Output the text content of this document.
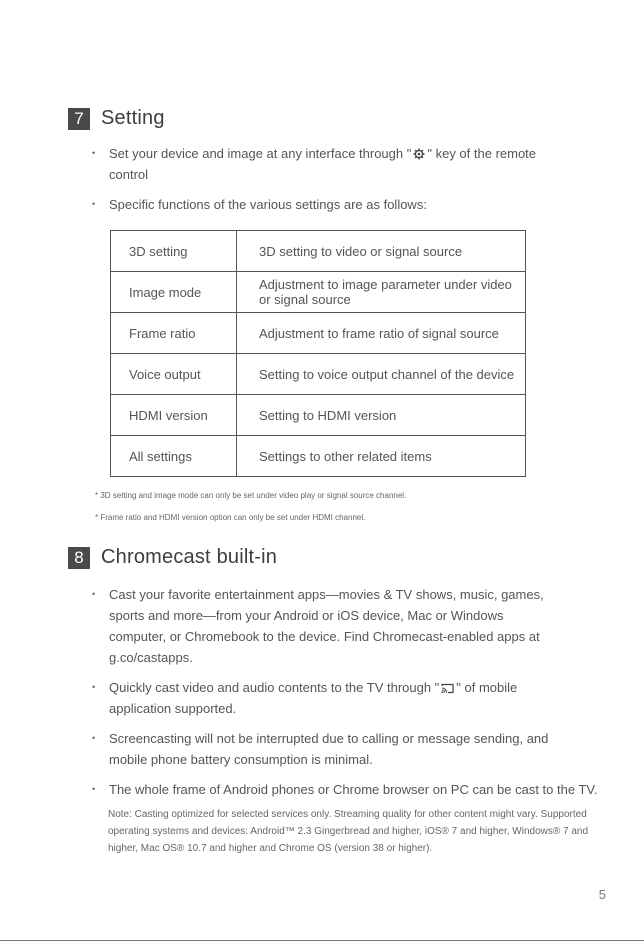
7 Setting
• Set your device and image at any interface through " " key of the remote control
• Specific functions of the various settings are as follows:
3D setting	3D setting to video or signal source
Image mode	Adjustment to image parameter under video or signal source
Frame ratio	Adjustment to frame ratio of signal source
Voice output	Setting to voice output channel of the device
HDMI version	Setting to HDMI version
All settings	Settings to other related items
* 3D setting and image mode can only be set under video play or signal source channel.
* Frame ratio and HDMI version option can only be set under HDMI channel.
8 Chromecast built-in
• Cast your favorite entertainment apps—movies & TV shows, music, games, sports and more—from your Android or iOS device, Mac or Windows computer, or Chromebook to the device. Find Chromecast-enabled apps at g.co/castapps.
• Quickly cast video and audio contents to the TV through " " of mobile application supported.
• Screencasting will not be interrupted due to calling or message sending, and mobile phone battery consumption is minimal.
• The whole frame of Android phones or Chrome browser on PC can be cast to the TV.
Note: Casting optimized for selected services only. Streaming quality for other content might vary. Supported operating systems and devices: Android™ 2.3 Gingerbread and higher, iOS® 7 and higher, Windows® 7 and higher, Mac OS® 10.7 and higher and Chrome OS (version 38 or higher).
5
